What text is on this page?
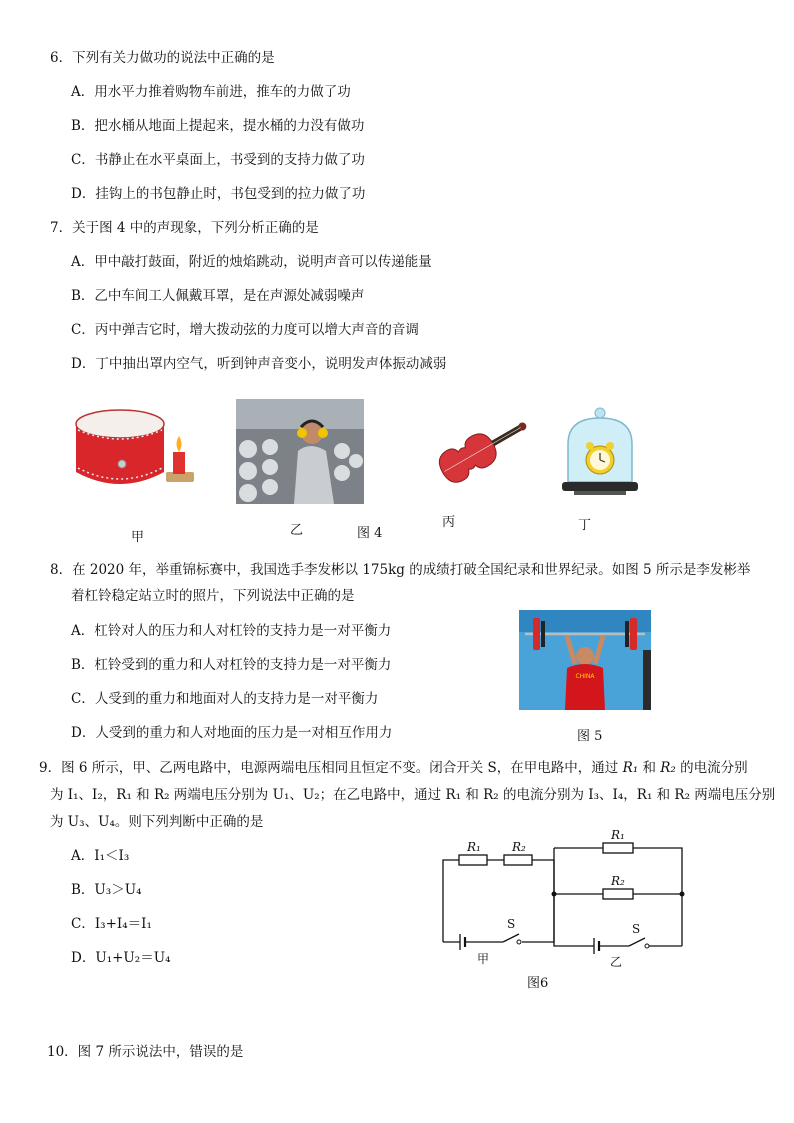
6．下列有关力做功的说法中正确的是
A．用水平力推着购物车前进，推车的力做了功
B．把水桶从地面上提起来，提水桶的力没有做功
C．书静止在水平桌面上，书受到的支持力做了功
D．挂钩上的书包静止时，书包受到的拉力做了功
7．关于图 4 中的声现象，下列分析正确的是
A．甲中敲打鼓面，附近的烛焰跳动，说明声音可以传递能量
B．乙中车间工人佩戴耳罩，是在声源处减弱噪声
C．丙中弹吉它时，增大拨动弦的力度可以增大声音的音调
D．丁中抽出罩内空气，听到钟声音变小，说明发声体振动减弱
甲	乙	图 4
丙	丁
8．在 2020 年，举重锦标赛中，我国选手李发彬以 175kg 的成绩打破全国纪录和世界纪录。如图 5 所示是李发彬举
着杠铃稳定站立时的照片，下列说法中正确的是
A．杠铃对人的压力和人对杠铃的支持力是一对平衡力
B．杠铃受到的重力和人对杠铃的支持力是一对平衡力
C．人受到的重力和地面对人的支持力是一对平衡力
D．人受到的重力和人对地面的压力是一对相互作用力
CHINA
图 5
9．图 6 所示，甲、乙两电路中，电源两端电压相同且恒定不变。闭合开关 S，在甲电路中，通过 R₁ 和 R₂ 的电流分别
为 I₁、I₂，R₁ 和 R₂ 两端电压分别为 U₁、U₂；在乙电路中，通过 R₁ 和 R₂ 的电流分别为 I₃、I₄，R₁ 和 R₂ 两端电压分别
为 U₃、U₄。则下列判断中正确的是
A．I₁＜I₃
B．U₃＞U₄
C．I₃+I₄＝I₁
D．U₁+U₂＝U₄
R₁	R₂
R₁
R₂
S	S
甲	乙
图6
10．图 7 所示说法中，错误的是
